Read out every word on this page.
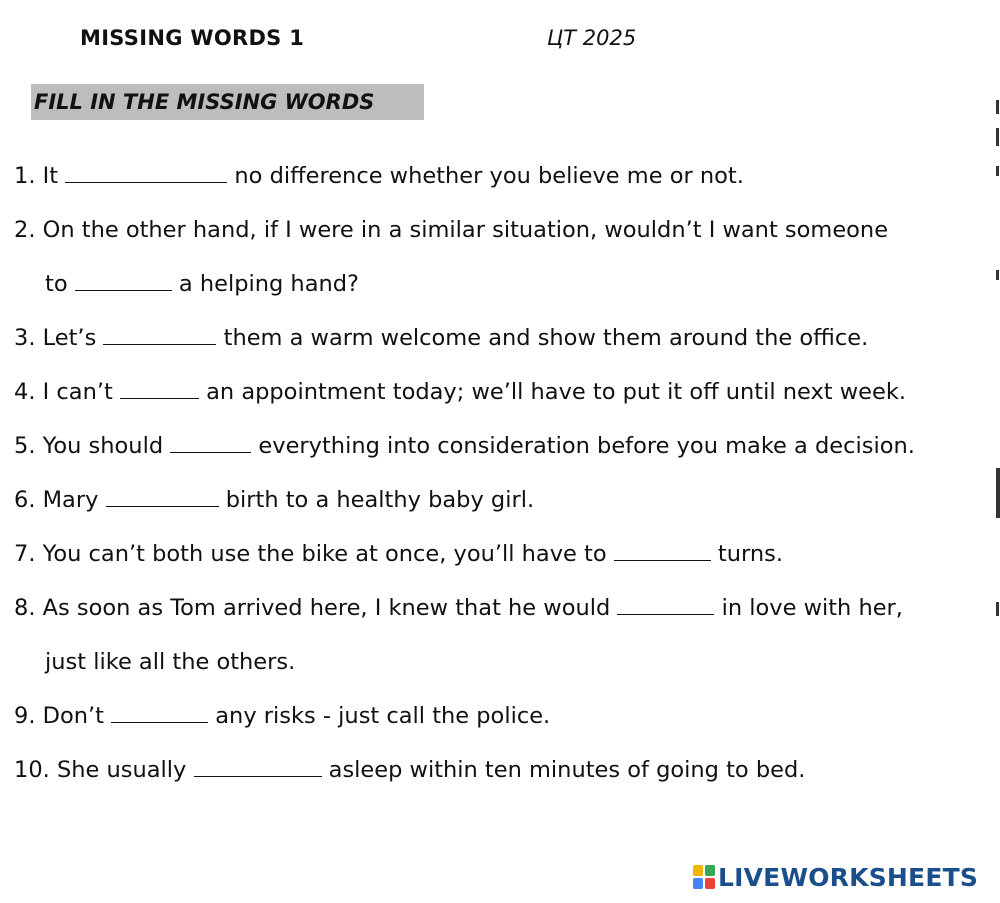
MISSING WORDS 1	ЦТ 2025
FILL IN THE MISSING WORDS
1. It	no difference whether you believe me or not.
2. On the other hand, if I were in a similar situation, wouldn’t I want someone
to	a helping hand?
3. Let’s	them a warm welcome and show them around the office.
4. I can’t	an appointment today; we’ll have to put it off until next week.
5. You should	everything into consideration before you make a decision.
6. Mary	birth to a healthy baby girl.
7. You can’t both use the bike at once, you’ll have to	turns.
8. As soon as Tom arrived here, I knew that he would	in love with her,
just like all the others.
9. Don’t	any risks - just call the police.
10. She usually	asleep within ten minutes of going to bed.
LIVEWORKSHEETS
